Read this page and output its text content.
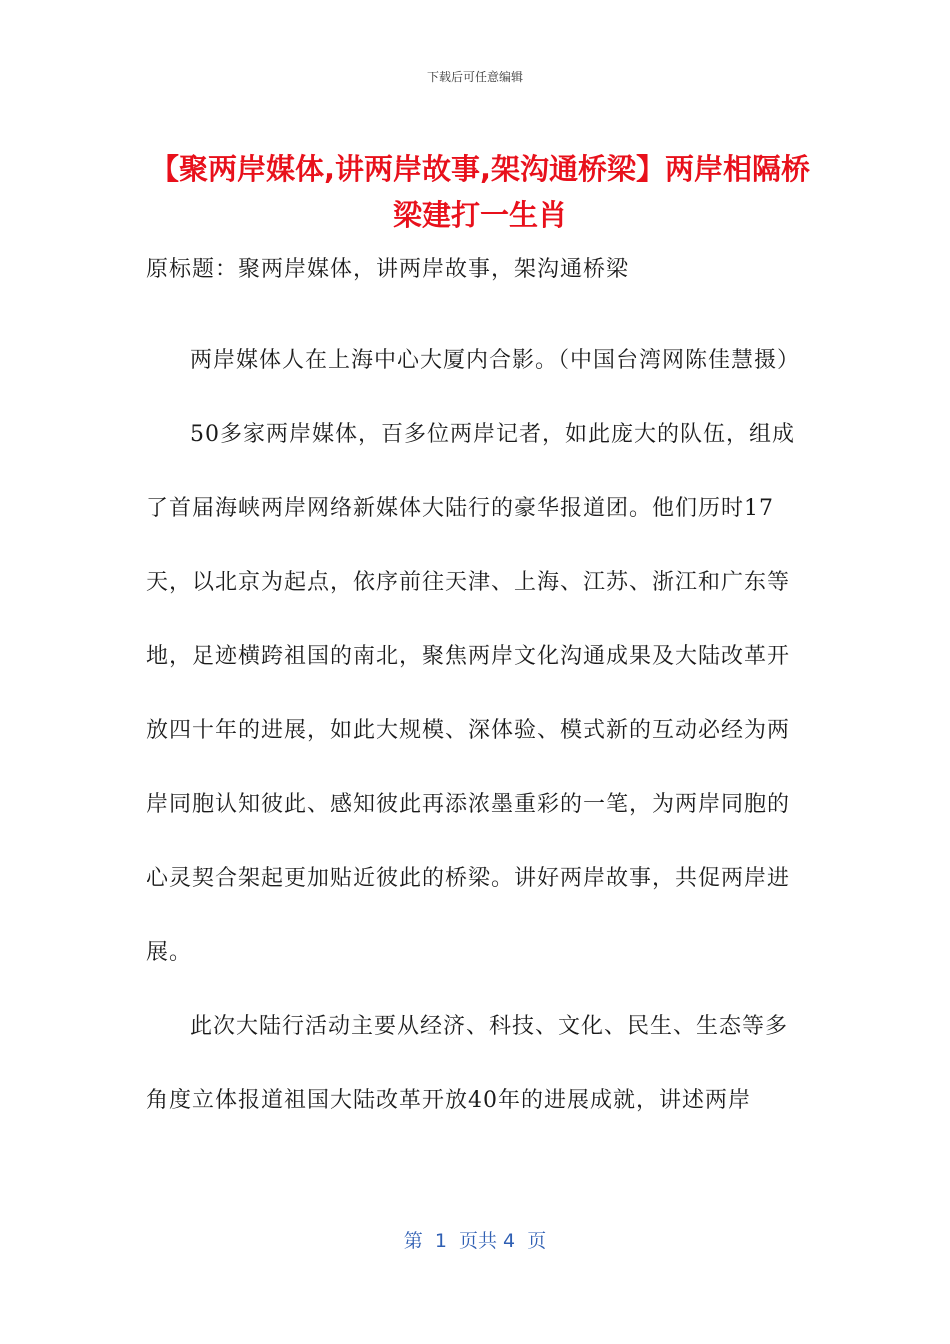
下载后可任意编辑
【聚两岸媒体,讲两岸故事,架沟通桥梁】两岸相隔桥梁建打一生肖

原标题：聚两岸媒体，讲两岸故事，架沟通桥梁

两岸媒体人在上海中心大厦内合影。（中国台湾网陈佳慧摄）

50多家两岸媒体，百多位两岸记者，如此庞大的队伍，组成了首届海峡两岸网络新媒体大陆行的豪华报道团。他们历时17天，以北京为起点，依序前往天津、上海、江苏、浙江和广东等地，足迹横跨祖国的南北，聚焦两岸文化沟通成果及大陆改革开放四十年的进展，如此大规模、深体验、模式新的互动必经为两岸同胞认知彼此、感知彼此再添浓墨重彩的一笔，为两岸同胞的心灵契合架起更加贴近彼此的桥梁。讲好两岸故事，共促两岸进展。

此次大陆行活动主要从经济、科技、文化、民生、生态等多角度立体报道祖国大陆改革开放40年的进展成就，讲述两岸

第  1  页共 4  页
